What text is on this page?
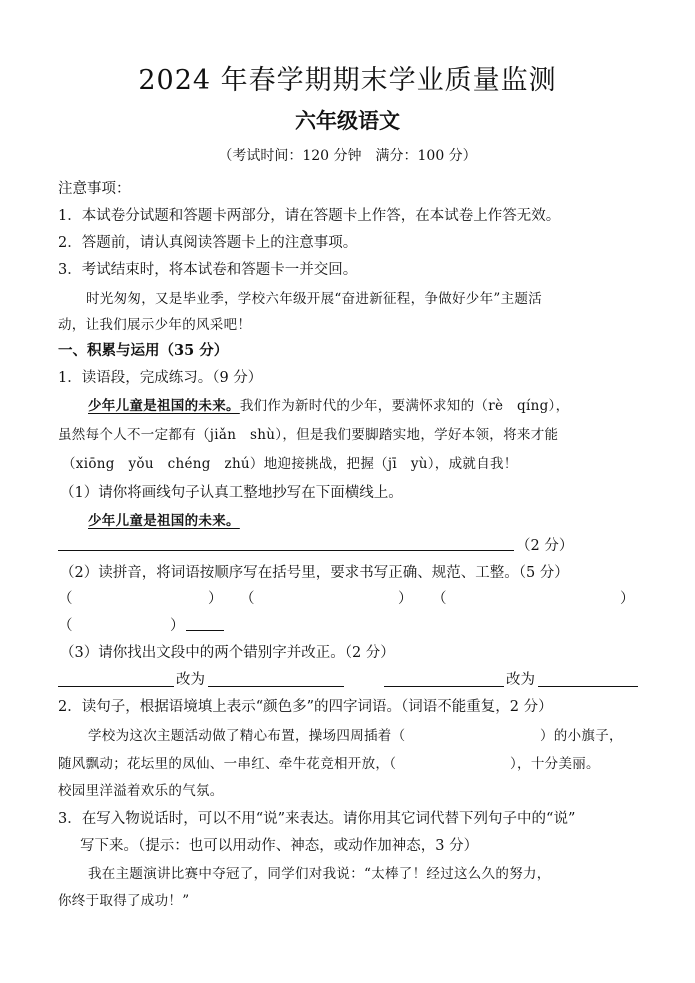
2024 年春学期期末学业质量监测
六年级语文
（考试时间：120 分钟　满分：100 分）
注意事项：
1．本试卷分试题和答题卡两部分，请在答题卡上作答，在本试卷上作答无效。
2．答题前，请认真阅读答题卡上的注意事项。
3．考试结束时，将本试卷和答题卡一并交回。
时光匆匆，又是毕业季，学校六年级开展“奋进新征程，争做好少年”主题活
动，让我们展示少年的风采吧！
一、积累与运用（35 分）
1．读语段，完成练习。（9 分）
少年儿童是祖国的未来。我们作为新时代的少年，要满怀求知的（rè　qíng），
虽然每个人不一定都有（jiǎn　shù），但是我们要脚踏实地，学好本领，将来才能
（xiōng　yǒu　chéng　zhú）地迎接挑战，把握（jī　yù），成就自我！
（1）请你将画线句子认真工整地抄写在下面横线上。
少年儿童是祖国的未来。
（2 分）
（2）读拼音，将词语按顺序写在括号里，要求书写正确、规范、工整。（5 分）
（	） （	） （	）
（	）
（3）请你找出文段中的两个错别字并改正。（2 分）
改为	改为
2．读句子，根据语境填上表示“颜色多”的四字词语。（词语不能重复，2 分）
学校为这次主题活动做了精心布置，操场四周插着（	）的小旗子，
随风飘动；花坛里的凤仙、一串红、牵牛花竞相开放，（	），十分美丽。
校园里洋溢着欢乐的气氛。
3．在写入物说话时，可以不用“说”来表达。请你用其它词代替下列句子中的“说”
写下来。（提示：也可以用动作、神态，或动作加神态，3 分）
我在主题演讲比赛中夺冠了，同学们对我说：“太棒了！经过这么久的努力，
你终于取得了成功！”
